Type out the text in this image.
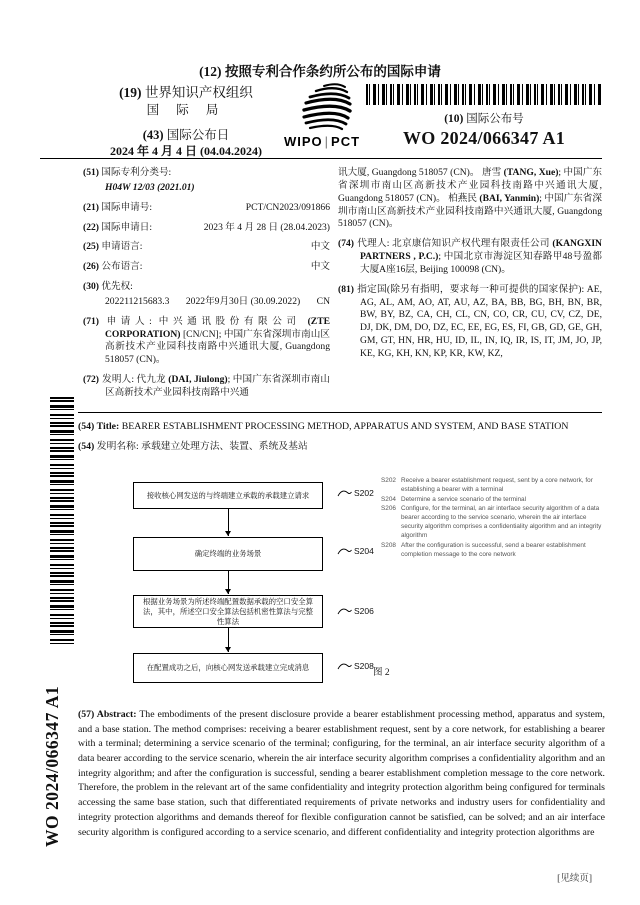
(12) 按照专利合作条约所公布的国际申请
(19) 世界知识产权组织
国 际 局
(43) 国际公布日
2024 年 4 月 4 日 (04.04.2024)
WIPO | PCT
(10) 国际公布号
WO 2024/066347 A1
(51) 国际专利分类号:
H04W 12/03 (2021.01)
(21) 国际申请号:	PCT/CN2023/091866
(22) 国际申请日:	2023 年 4 月 28 日 (28.04.2023)
(25) 申请语言:	中文
(26) 公布语言:	中文
(30) 优先权:
202211215683.3 2022年9月30日 (30.09.2022) CN

(71) 申请人: 中兴通讯股份有限公司 (ZTE CORPORATION) [CN/CN]; 中国广东省深圳市南山区高新技术产业园科技南路中兴通讯大厦, Guangdong 518057 (CN)。

(72) 发明人: 代九龙 (DAI, Jiulong); 中国广东省深圳市南山区高新技术产业园科技南路中兴通

讯大厦, Guangdong 518057 (CN)。 唐雪 (TANG, Xue); 中国广东省深圳市南山区高新技术产业园科技南路中兴通讯大厦, Guangdong 518057 (CN)。 柏燕民 (BAI, Yanmin); 中国广东省深圳市南山区高新技术产业园科技南路中兴通讯大厦, Guangdong 518057 (CN)。

(74) 代理人: 北京康信知识产权代理有限责任公司 (KANGXIN PARTNERS , P.C.); 中国北京市海淀区知春路甲48号盈都大厦A座16层, Beijing 100098 (CN)。

(81) 指定国(除另有指明，要求每一种可提供的国家保护): AE, AG, AL, AM, AO, AT, AU, AZ, BA, BB, BG, BH, BN, BR, BW, BY, BZ, CA, CH, CL, CN, CO, CR, CU, CV, CZ, DE, DJ, DK, DM, DO, DZ, EC, EE, EG, ES, FI, GB, GD, GE, GH, GM, GT, HN, HR, HU, ID, IL, IN, IQ, IR, IS, IT, JM, JO, JP, KE, KG, KH, KN, KP, KR, KW, KZ,

WO 2024/066347 A1
(54) Title: BEARER ESTABLISHMENT PROCESSING METHOD, APPARATUS AND SYSTEM, AND BASE STATION
(54) 发明名称: 承载建立处理方法、装置、系统及基站
接收核心网发送的与终端建立承载的承载建立请求
确定终端的业务场景
根据业务场景为所述终端配置数据承载的空口安全算法，其中，所述空口安全算法包括机密性算法与完整性算法
在配置成功之后，向核心网发送承载建立完成消息
S202
S204
S206
S208
图 2
S202 Receive a bearer establishment request, sent by a core network, for establishing a bearer with a terminal
S204 Determine a service scenario of the terminal
S206 Configure, for the terminal, an air interface security algorithm of a data bearer according to the service scenario, wherein the air interface security algorithm comprises a confidentiality algorithm and an integrity algorithm
S208 After the configuration is successful, send a bearer establishment completion message to the core network
(57) Abstract: The embodiments of the present disclosure provide a bearer establishment processing method, apparatus and system, and a base station. The method comprises: receiving a bearer establishment request, sent by a core network, for establishing a bearer with a terminal; determining a service scenario of the terminal; configuring, for the terminal, an air interface security algorithm of a data bearer according to the service scenario, wherein the air interface security algorithm comprises a confidentiality algorithm and an integrity algorithm; and after the configuration is successful, sending a bearer establishment completion message to the core network. Therefore, the problem in the relevant art of the same confidentiality and integrity protection algorithm being configured for terminals accessing the same base station, such that differentiated requirements of private networks and industry users for confidentiality and integrity protection algorithms and demands thereof for flexible configuration cannot be satisfied, can be solved; and an air interface security algorithm is configured according to a service scenario, and different confidentiality and integrity protection algorithms are
[见续页]
